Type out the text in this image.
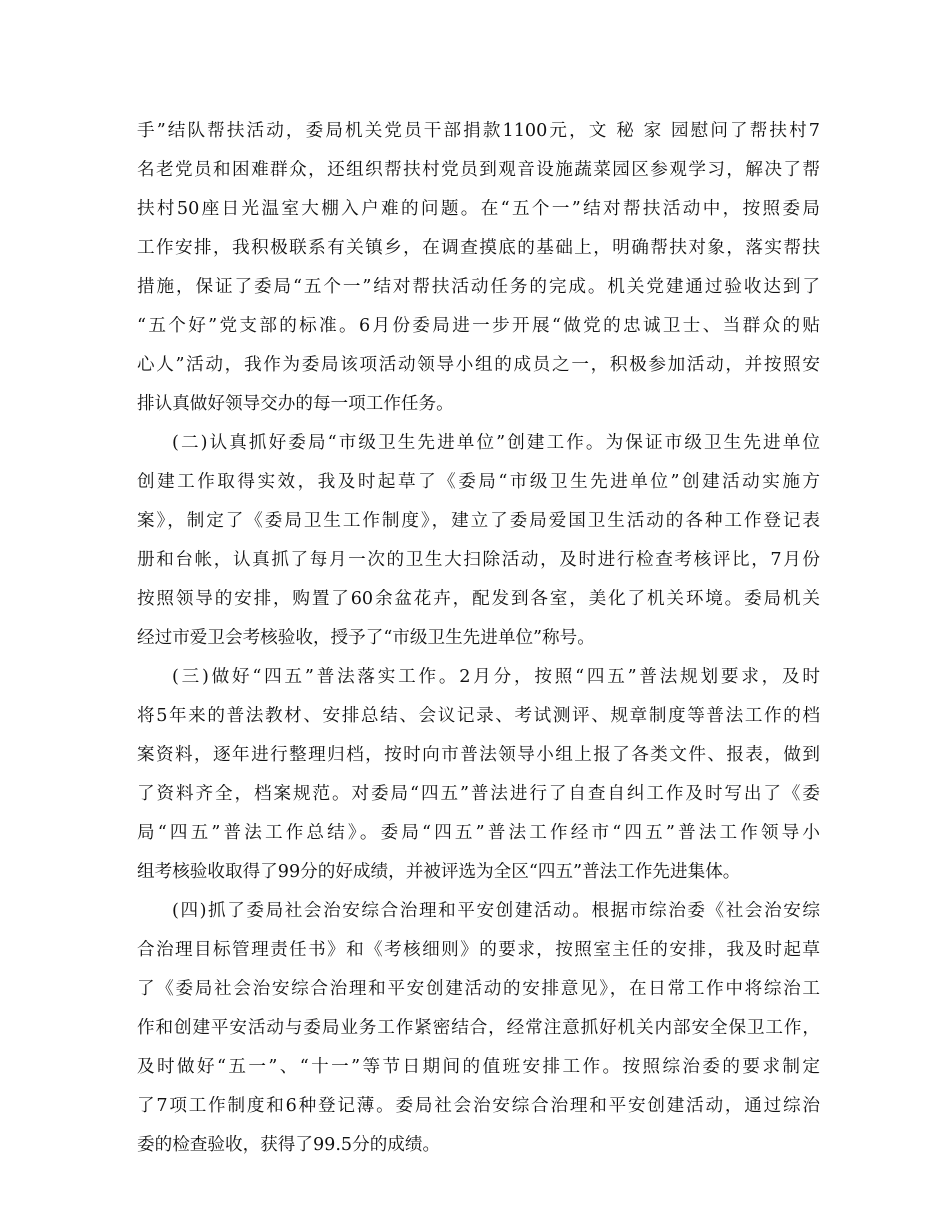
手”结队帮扶活动，委局机关党员干部捐款1100元，文 秘 家 园慰问了帮扶村7
名老党员和困难群众，还组织帮扶村党员到观音设施蔬菜园区参观学习，解决了帮
扶村50座日光温室大棚入户难的问题。在“五个一”结对帮扶活动中，按照委局
工作安排，我积极联系有关镇乡，在调查摸底的基础上，明确帮扶对象，落实帮扶
措施，保证了委局“五个一”结对帮扶活动任务的完成。机关党建通过验收达到了
“五个好”党支部的标准。6月份委局进一步开展“做党的忠诚卫士、当群众的贴
心人”活动，我作为委局该项活动领导小组的成员之一，积极参加活动，并按照安
排认真做好领导交办的每一项工作任务。
(二)认真抓好委局“市级卫生先进单位”创建工作。为保证市级卫生先进单位
创建工作取得实效，我及时起草了《委局“市级卫生先进单位”创建活动实施方
案》，制定了《委局卫生工作制度》，建立了委局爱国卫生活动的各种工作登记表
册和台帐，认真抓了每月一次的卫生大扫除活动，及时进行检查考核评比，7月份
按照领导的安排，购置了60余盆花卉，配发到各室，美化了机关环境。委局机关
经过市爱卫会考核验收，授予了“市级卫生先进单位”称号。
(三)做好“四五”普法落实工作。2月分，按照“四五”普法规划要求，及时
将5年来的普法教材、安排总结、会议记录、考试测评、规章制度等普法工作的档
案资料，逐年进行整理归档，按时向市普法领导小组上报了各类文件、报表，做到
了资料齐全，档案规范。对委局“四五”普法进行了自查自纠工作及时写出了《委
局“四五”普法工作总结》。委局“四五”普法工作经市“四五”普法工作领导小
组考核验收取得了99分的好成绩，并被评选为全区“四五”普法工作先进集体。
(四)抓了委局社会治安综合治理和平安创建活动。根据市综治委《社会治安综
合治理目标管理责任书》和《考核细则》的要求，按照室主任的安排，我及时起草
了《委局社会治安综合治理和平安创建活动的安排意见》，在日常工作中将综治工
作和创建平安活动与委局业务工作紧密结合，经常注意抓好机关内部安全保卫工作，
及时做好“五一”、“十一”等节日期间的值班安排工作。按照综治委的要求制定
了7项工作制度和6种登记薄。委局社会治安综合治理和平安创建活动，通过综治
委的检查验收，获得了99.5分的成绩。
